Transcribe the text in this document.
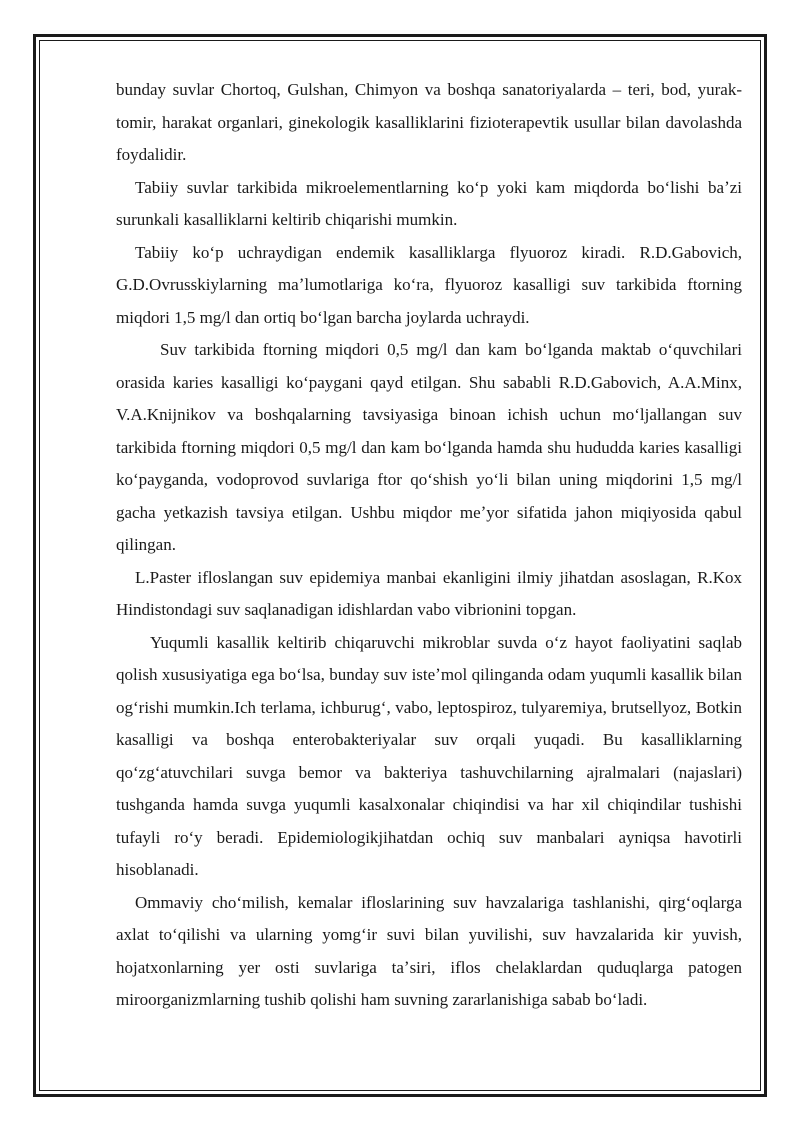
bunday suvlar Chortoq, Gulshan, Chimyon va boshqa sanatoriyalarda – teri, bod, yurak-tomir, harakat organlari, ginekologik kasalliklarini fizioterapevtik usullar bilan davolashda foydalidir.

Tabiiy suvlar tarkibida mikroelementlarning koʻp yoki kam miqdorda boʻlishi baʼzi surunkali kasalliklarni keltirib chiqarishi mumkin.

Tabiiy koʻp uchraydigan endemik kasalliklarga flyuoroz kiradi. R.D.Gabovich, G.D.Ovrusskiylarning maʼlumotlariga koʻra, flyuoroz kasalligi suv tarkibida ftorning miqdori 1,5 mg/l dan ortiq boʻlgan barcha joylarda uchraydi.

Suv tarkibida ftorning miqdori 0,5 mg/l dan kam boʻlganda maktab oʻquvchilari orasida karies kasalligi koʻpaygani qayd etilgan. Shu sababli R.D.Gabovich, A.A.Minx, V.A.Knijnikov va boshqalarning tavsiyasiga binoan ichish uchun moʻljallangan suv tarkibida ftorning miqdori 0,5 mg/l dan kam boʻlganda hamda shu hududda karies kasalligi koʻpayganda, vodoprovod suvlariga ftor qoʻshish yoʻli bilan uning miqdorini 1,5 mg/l gacha yetkazish tavsiya etilgan. Ushbu miqdor meʼyor sifatida jahon miqiyosida qabul qilingan.

L.Paster ifloslangan suv epidemiya manbai ekanligini ilmiy jihatdan asoslagan, R.Kox Hindistondagi suv saqlanadigan idishlardan vabo vibrionini topgan.

Yuqumli kasallik keltirib chiqaruvchi mikroblar suvda oʻz hayot faoliyatini saqlab qolish xususiyatiga ega boʻlsa, bunday suv isteʼmol qilinganda odam yuqumli kasallik bilan ogʻrishi mumkin.Ich terlama, ichburugʻ, vabo, leptospiroz, tulyaremiya, brutsellyoz, Botkin kasalligi va boshqa enterobakteriyalar suv orqali yuqadi. Bu kasalliklarning qoʻzgʻatuvchilari suvga bemor va bakteriya tashuvchilarning ajralmalari (najaslari) tushganda hamda suvga yuqumli kasalxonalar chiqindisi va har xil chiqindilar tushishi tufayli roʻy beradi. Epidemiologikjihatdan ochiq suv manbalari ayniqsa havotirli hisoblanadi.

Ommaviy choʻmilish, kemalar ifloslarining suv havzalariga tashlanishi, qirgʻoqlarga axlat toʻqilishi va ularning yomgʻir suvi bilan yuvilishi, suv havzalarida kir yuvish, hojatxonlarning yer osti suvlariga taʼsiri, iflos chelaklardan quduqlarga patogen miroorganizmlarning tushib qolishi ham suvning zararlanishiga sabab boʻladi.
